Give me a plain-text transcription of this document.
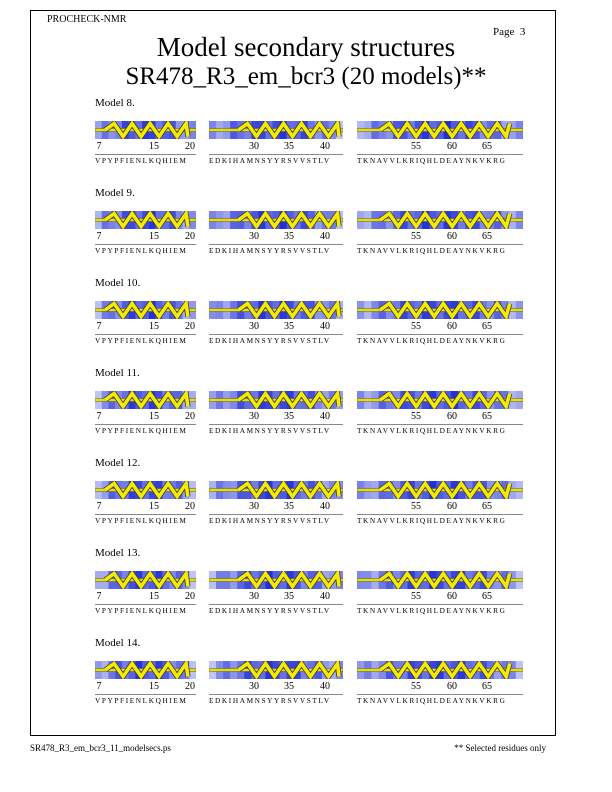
PROCHECK-NMR
Page  3
Model secondary structures
SR478_R3_em_bcr3 (20 models)**
Model 8.
7	15	20
VPYPFIENLKQHIEM
30	35	40
EDKIHAMNSYYRSVVSTLV
55	60	65
TKNAVVLKRIQHLDEAYNKVKRG
Model 9.
7	15	20
VPYPFIENLKQHIEM
30	35	40
EDKIHAMNSYYRSVVSTLV
55	60	65
TKNAVVLKRIQHLDEAYNKVKRG
Model 10.
7	15	20
VPYPFIENLKQHIEM
30	35	40
EDKIHAMNSYYRSVVSTLV
55	60	65
TKNAVVLKRIQHLDEAYNKVKRG
Model 11.
7	15	20
VPYPFIENLKQHIEM
30	35	40
EDKIHAMNSYYRSVVSTLV
55	60	65
TKNAVVLKRIQHLDEAYNKVKRG
Model 12.
7	15	20
VPYPFIENLKQHIEM
30	35	40
EDKIHAMNSYYRSVVSTLV
55	60	65
TKNAVVLKRIQHLDEAYNKVKRG
Model 13.
7	15	20
VPYPFIENLKQHIEM
30	35	40
EDKIHAMNSYYRSVVSTLV
55	60	65
TKNAVVLKRIQHLDEAYNKVKRG
Model 14.
7	15	20
VPYPFIENLKQHIEM
30	35	40
EDKIHAMNSYYRSVVSTLV
55	60	65
TKNAVVLKRIQHLDEAYNKVKRG
SR478_R3_em_bcr3_11_modelsecs.ps	** Selected residues only
